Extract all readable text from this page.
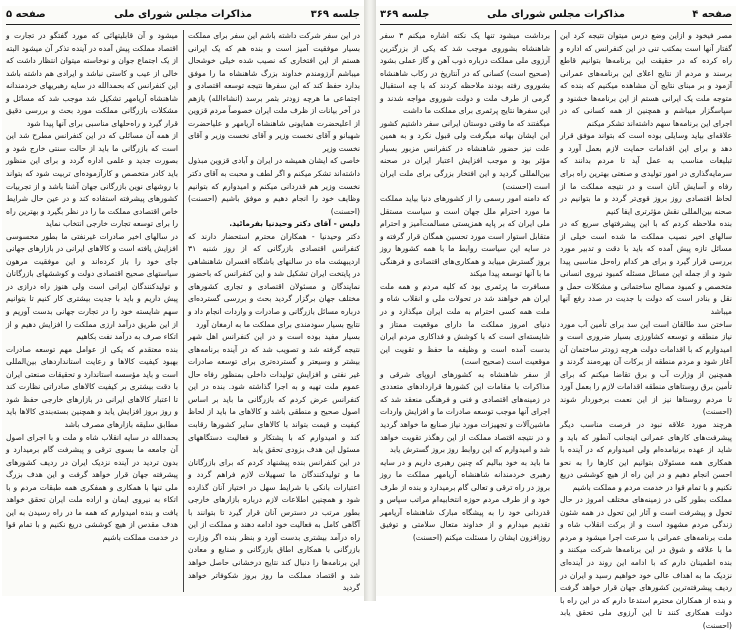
صفحه ۵	مذاکرات مجلس شورای ملی	جلسه ۳۶۹

در این سفر شرکت داشته باشم این سفر برای مملکت بسیار موفقیت آمیز است و بنده هم که یک ایرانی هستم از این افتخاری که نصیب شده خیلی خوشحال میباشم آرزومندم خداوند بزرگ شاهنشاه ما را موفق بدارد حفظ کند که این سفرها نتیجه توسعه اقتصادی و اجتماعی ما هرچه زودتر بثمر برسد (انشاءالله) بازهم در آخر بیانات از ظرف ملت ایران خصوصاً مردم قزوین از اعلیحضرت همایونی شاهنشاه آریامهر و علیاحضرت شهبانو و آقای نخست وزیر و آقای نخست وزیر و آقای نخست وزیر

خاصی که ایشان همیشه در ایران و آبادی قزوین مبذول داشته‌اند تشکر میکنم و اگر لطف و محبت به آقای دکتر نخست وزیر هم قدردانی میکنم و امیدوارم که بتوانیم وظایف خود را انجام دهیم و موفق باشیم (احسنت) (احسنت)

دلیس - آقای دکتر وحیدنیا بفرمائید.

دکتر وحیدنیا - همکاران محترم استحضار دارند که کنفرانس اقتصادی بازرگانی که از روز شنبه ۳۱ اردیبهشت ماه در سالنهای باشگاه افسران شاهنشاهی در پایتخت ایران تشکیل شد و این کنفرانس که باحضور نمایندگان و مسئولان اقتصادی و تجاری کشورهای مختلف جهان برگزار گردید بحث و بررسی گسترده‌ای درباره مسائل بازرگانی و صادرات و واردات انجام داد و نتایج بسیار سودمندی برای مملکت ما به ارمغان آورد

بسیار مفید بوده است و در این کنفرانس اهل شهر نتیجه گرفته شد و تصویب شد که در آینده برنامه‌های بیشتر و وسیعتر و گسترده‌تری برای توسعه صادرات غیر نفتی و افزایش تولیدات داخلی بمنظور رفاه حال عموم ملت تهیه و به اجرا گذاشته شود. بنده در این کنفرانس عرض کردم که بازرگانی ما باید بر اساس اصول صحیح و منطقی باشد و کالاهای ما باید از لحاظ کیفیت و قیمت بتواند با کالاهای سایر کشورها رقابت کند و امیدوارم که با پشتکار و فعالیت دستگاههای مسئول این هدف بزودی تحقق یابد

در این کنفرانس بنده پیشنهاد کردم که برای بازرگانان ما و تولیدکنندگان ما تسهیلات لازم فراهم گردد و اعتبارات بانکی با شرایط سهل در اختیار آنان گذارده شود و همچنین اطلاعات لازم درباره بازارهای خارجی بطور مرتب در دسترس آنان قرار گیرد تا بتوانند با آگاهی کامل به فعالیت خود ادامه دهند و مملکت از این راه درآمد بیشتری بدست آورد و بنظر بنده اگر وزارت بازرگانی با همکاری اطاق بازرگانی و صنایع و معادن این برنامه‌ها را دنبال کند نتایج درخشانی حاصل خواهد شد و اقتصاد مملکت ما روز بروز شکوفاتر خواهد گردید

میشود و آن قابلیتهائی که مورد گفتگو در تجارت و اقتصاد مملکت پیش آمده در آینده تذکر آن میشود البته از یک اجتماع جوان و نوخاسته میتوان انتظار داشت که خالی از عیب و کاستی نباشد و ایرادی هم داشته باشد این کنفرانس که بحمدالله در سایه رهبریهای خردمندانه شاهنشاه آریامهر تشکیل شد موجب شد که مسائل و مشکلات بازرگانی مملکت مورد بحث و بررسی دقیق قرار گیرد و راه‌حلهای مناسبی برای آنها پیدا شود

از همه آن مسائلی که در این کنفرانس مطرح شد این است که بازرگانی ما باید از حالت سنتی خارج شود و بصورت جدید و علمی اداره گردد و برای این منظور باید کادر متخصص و کارآزموده‌ای تربیت شود که بتواند با روشهای نوین بازرگانی جهان آشنا باشد و از تجربیات کشورهای پیشرفته استفاده کند و در عین حال شرایط خاص اقتصادی مملکت ما را در نظر بگیرد و بهترین راه را برای توسعه تجارت خارجی انتخاب نماید

در سالهای اخیر صادرات غیرنفتی ما بطور محسوسی افزایش یافته است و کالاهای ایرانی در بازارهای جهانی جای خود را باز کرده‌اند و این موفقیت مرهون سیاستهای صحیح اقتصادی دولت و کوششهای بازرگانان و تولیدکنندگان ایرانی است ولی هنوز راه درازی در پیش داریم و باید با جدیت بیشتری کار کنیم تا بتوانیم سهم شایسته خود را در تجارت جهانی بدست آوریم و از این طریق درآمد ارزی مملکت را افزایش دهیم و از اتکاء صرف به درآمد نفت بکاهیم

بنده معتقدم که یکی از عوامل مهم توسعه صادرات بهبود کیفیت کالاها و رعایت استانداردهای بین‌المللی است و باید مؤسسه استاندارد و تحقیقات صنعتی ایران با دقت بیشتری بر کیفیت کالاهای صادراتی نظارت کند تا اعتبار کالاهای ایرانی در بازارهای خارجی حفظ شود و روز بروز افزایش یابد و همچنین بسته‌بندی کالاها باید مطابق سلیقه بازارهای مصرف باشد

بحمدالله در سایه انقلاب شاه و ملت و با اجرای اصول آن جامعه ما بسوی ترقی و پیشرفت گام برمیدارد و بدون تردید در آینده نزدیک ایران در ردیف کشورهای پیشرفته جهان قرار خواهد گرفت و این هدف بزرگ ملی تنها با همکاری و همفکری همه طبقات مردم و با اتکاء به نیروی ایمان و اراده ملت ایران تحقق خواهد یافت و بنده امیدوارم که همه ما در راه رسیدن به این هدف مقدس از هیچ کوششی دریغ نکنیم و با تمام قوا در خدمت مملکت باشیم

جلسه ۳۶۹	مذاکرات مجلس شورای ملی	صفحه ۴

مصر فیخود و ازاین وضع درس میتوان نتیجه کرد این گفتار آنها است بمکتب تنی در این کنفرانس که اداره و راه کرده که در حقیقت این برنامه‌ها بتوانیم قاطع برسند و مردم از نتایج اعلای این برنامه‌های عمرانی آزمود و بر مبنای نتایج آن مشاهده میکنیم که بنده که متوجه ملت یک ایرانی هستم از این برنامه‌ها خشنود و سپاسگزار میباشم و همچنین از همه کسانی که در اجرای این برنامه‌ها سهم داشته‌اند تشکر میکنم

علاقه‌ای بیاید وسایلی بوده است که بتواند موفق قرار دهد و برای این اقدامات حمایت لازم بعمل آورد و تبلیغات مناسب به عمل آید تا مردم بدانند که سرمایه‌گذاری در امور تولیدی و صنعتی بهترین راه برای رفاه و آسایش آنان است و در نتیجه مملکت ما از لحاظ اقتصادی روز بروز قوی‌تر گردد و ما بتوانیم در صحنه بین‌المللی نقش مؤثرتری ایفا کنیم

بنده ملاحظه کردم که با این پیشرفتهای سریع که در سالهای اخیر نصیب مملکت ما شده است خیلی از مسائل تازه پیش آمده که باید با دقت و تدبیر مورد بررسی قرار گیرد و برای هر کدام راه‌حل مناسبی پیدا شود و از جمله این مسائل مسئله کمبود نیروی انسانی متخصص و کمبود مصالح ساختمانی و مشکلات حمل و نقل و بنادر است که دولت با جدیت در صدد رفع آنها میباشد

ساختن سد طالقان است این سد برای تأمین آب مورد نیاز منطقه و توسعه کشاورزی بسیار ضروری است و امیدوارم که با اقدامات دولت هرچه زودتر ساختمان آن آغاز شود و مردم منطقه از برکات آن بهره‌مند گردند و همچنین از وزارت آب و برق تقاضا میکنم که برای تأمین برق روستاهای منطقه اقدامات لازم را بعمل آورد تا مردم روستاها نیز از این نعمت برخوردار شوند (احسنت)

هرچند مورد علاقه نبود در فرصت مناسب دیگر پیشرفت‌های کارهای عمرانی اینجانب آنطور که باید و شاید از عهده برنیامده‌ام ولی امیدوارم که در آینده با همکاری همه مسئولان بتوانیم این کارها را به نحو احسن انجام دهیم و در این راه از هیچ کوششی دریغ نکنیم و با تمام قوا در خدمت مردم و مملکت باشیم

مملکت بطور کلی در زمینه‌های مختلف امروز در حال تحول و پیشرفت است و آثار این تحول در همه شئون زندگی مردم مشهود است و از برکت انقلاب شاه و ملت برنامه‌های عمرانی با سرعت اجرا میشود و مردم ما با علاقه و شوق در این برنامه‌ها شرکت میکنند و بنده اطمینان دارم که با ادامه این روند در آینده‌ای نزدیک ما به اهداف عالی خود خواهیم رسید و ایران در ردیف پیشرفته‌ترین کشورهای جهان قرار خواهد گرفت و بنده از همکاران محترم استدعا دارم که در این راه با دولت همکاری کنند تا این آرزوی ملی تحقق یابد (احسنت)

برداشت میشود تنها یک نکته اشاره میکنم ۳ سفر شاهنشاه بشوروی موجب شد که یکی از بزرگترین آرزوی ملی مملکت درباره ذوب آهن و گاز عملی بشود (صحیح است) کسانی که در آنتاریخ در رکاب شاهنشاه بشوروی رفته بودند ملاحظه کردند که با چه استقبال گرمی از طرف ملت و دولت شوروی مواجه شدند و این سفرها نتایج پرثمری برای مملکت ما داشت

میگفتند که ما وقتی دوستان ایرانی سفر داشتیم کشور این ایشان بهانه میگرفت ولی قبول نکرد و به همین علت نیز حضور شاهنشاه در کنفرانس مزبور بسیار مؤثر بود و موجب افزایش اعتبار ایران در صحنه بین‌المللی گردید و این افتخار بزرگی برای ملت ایران است (احسنت)

که دامنه امور رسمی را از کشورهای دنیا بیاید مملکت ما مورد احترام ملل جهان است و سیاست مستقل ملی ایران که بر پایه همزیستی مسالمت‌آمیز و احترام متقابل استوار است مورد تحسین همگان قرار گرفته و در سایه این سیاست روابط ما با همه کشورها روز بروز گسترش مییابد و همکاری‌های اقتصادی و فرهنگی ما با آنها توسعه پیدا میکند

مسافرت ما پرثمری بود که کلیه مردم و همه ملت ایران هم خواهند شد در تحولات ملی و انقلاب شاه و ملت همه کسی احترام به ملت ایران میگذارد و در دنیای امروز مملکت ما دارای موقعیت ممتاز و شایسته‌ای است که با کوشش و فداکاری مردم ایران بدست آمده است و وظیفه ما حفظ و تقویت این موقعیت است (صحیح است)

از سفر شاهنشاه به کشورهای اروپای شرقی و مذاکرات با مقامات این کشورها قراردادهای متعددی در زمینه‌های اقتصادی و فنی و فرهنگی منعقد شد که اجرای آنها موجب توسعه صادرات ما و افزایش واردات ماشین‌آلات و تجهیزات مورد نیاز صنایع ما خواهد گردید و در نتیجه اقتصاد مملکت از این رهگذر تقویت خواهد شد و امیدوارم که این روابط روز بروز گسترش یابد

ما باید به خود ببالیم که چنین رهبری داریم و در سایه رهبری خردمندانه شاهنشاه آریامهر مملکت ما روز بروز در راه ترقی و تعالی گام برمیدارد و بنده از طرف خود و از طرف مردم حوزه انتخابیه‌ام مراتب سپاس و قدردانی خود را به پیشگاه مبارک شاهنشاه آریامهر تقدیم میدارم و از خداوند متعال سلامتی و توفیق روزافزون ایشان را مسئلت میکنم (احسنت)
